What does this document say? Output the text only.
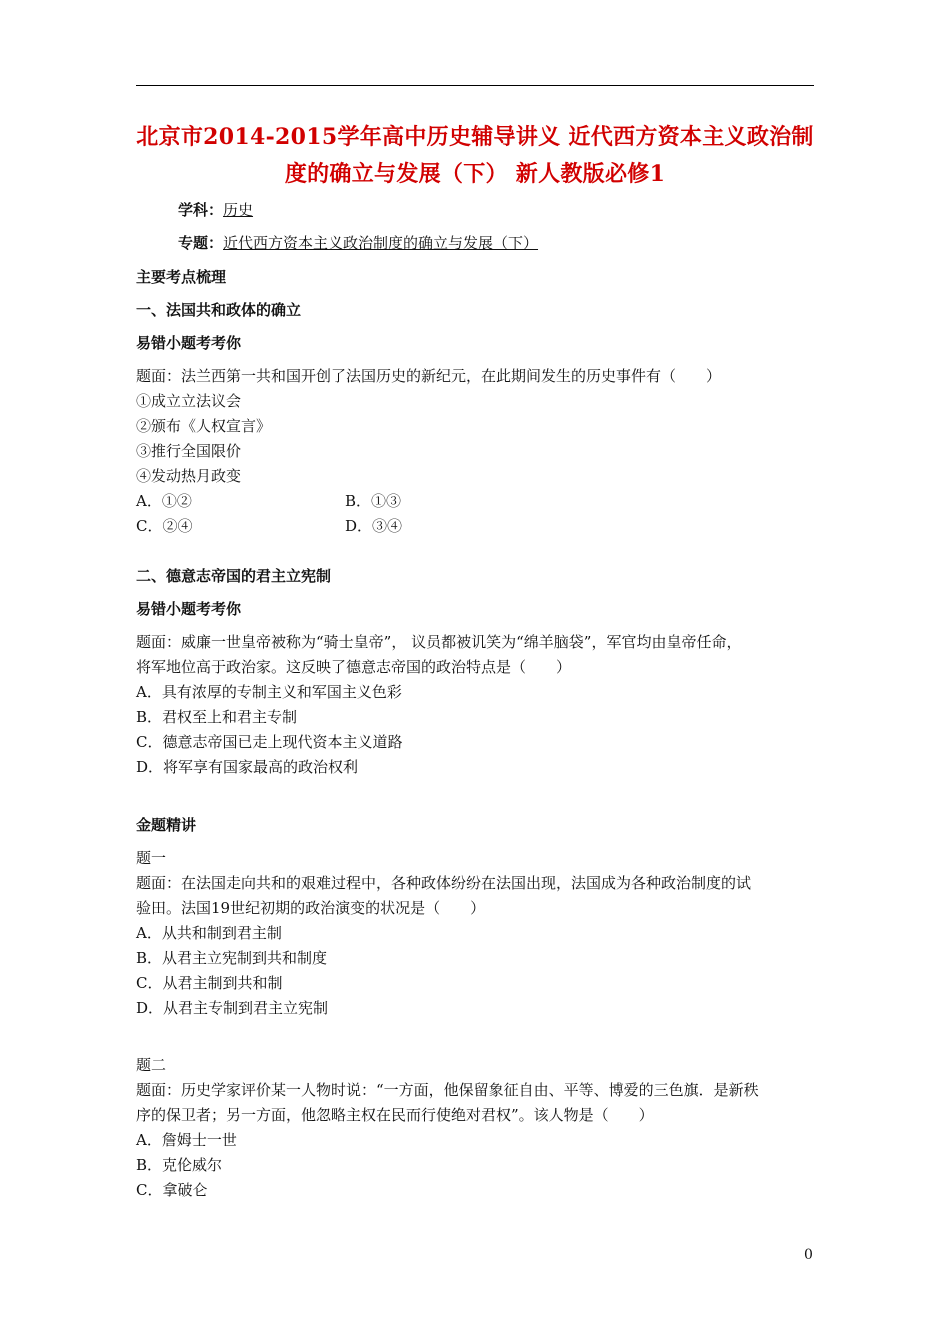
北京市2014-2015学年高中历史辅导讲义 近代西方资本主义政治制
度的确立与发展（下） 新人教版必修1
学科：历史
专题：近代西方资本主义政治制度的确立与发展（下）
主要考点梳理
一、法国共和政体的确立
易错小题考考你
题面：法兰西第一共和国开创了法国历史的新纪元，在此期间发生的历史事件有（　　）
①成立立法议会
②颁布《人权宣言》
③推行全国限价
④发动热月政变
A．①②	B．①③
C．②④	D．③④
二、德意志帝国的君主立宪制
易错小题考考你
题面：威廉一世皇帝被称为“骑士皇帝”， 议员都被讥笑为“绵羊脑袋”，军官均由皇帝任命，
将军地位高于政治家。这反映了德意志帝国的政治特点是（　　）
A．具有浓厚的专制主义和军国主义色彩
B．君权至上和君主专制
C．德意志帝国已走上现代资本主义道路
D．将军享有国家最高的政治权利
金题精讲
题一
题面：在法国走向共和的艰难过程中，各种政体纷纷在法国出现，法国成为各种政治制度的试
验田。法国19世纪初期的政治演变的状况是（　　）
A．从共和制到君主制
B．从君主立宪制到共和制度
C．从君主制到共和制
D．从君主专制到君主立宪制
题二
题面：历史学家评价某一人物时说：“一方面，他保留象征自由、平等、博爱的三色旗．是新秩
序的保卫者；另一方面，他忽略主权在民而行使绝对君权”。该人物是（　　）
A．詹姆士一世
B．克伦威尔
C．拿破仑
0
